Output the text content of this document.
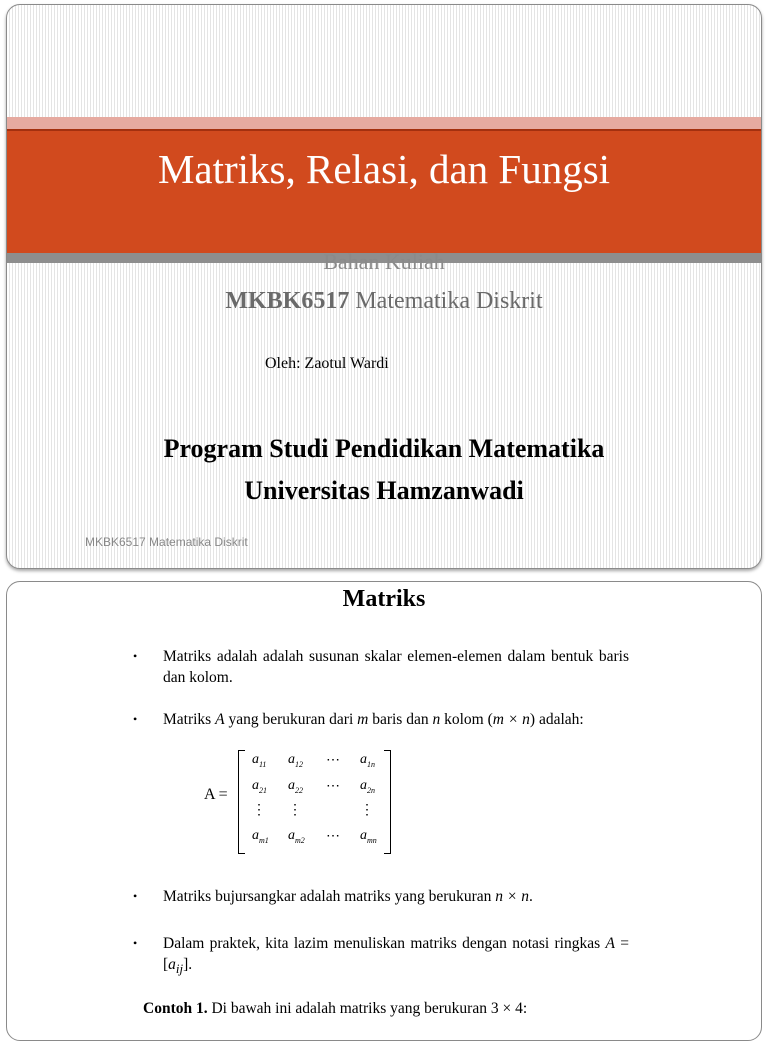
Matriks, Relasi, dan Fungsi
Bahan Kuliah
MKBK6517 Matematika Diskrit
Oleh: Zaotul Wardi
Program Studi Pendidikan Matematika
Universitas Hamzanwadi
MKBK6517 Matematika Diskrit
Matriks
•	Matriks adalah adalah susunan skalar elemen-elemen dalam bentuk baris dan kolom.
•	Matriks A yang berukuran dari m baris dan n kolom (m × n) adalah:
•	Matriks bujursangkar adalah matriks yang berukuran n × n.
•	Dalam praktek, kita lazim menuliskan matriks dengan notasi ringkas $A = [a_{ij}]$.
A =
$a_{11}$ $a_{12}$ ⋯ $a_{1n}$
$a_{21}$ $a_{22}$ ⋯ $a_{2n}$
⋮ ⋮	⋮
$a_{m1}$ $a_{m2}$ ⋯ $a_{mn}$
Contoh 1. Di bawah ini adalah matriks yang berukuran 3 × 4:
